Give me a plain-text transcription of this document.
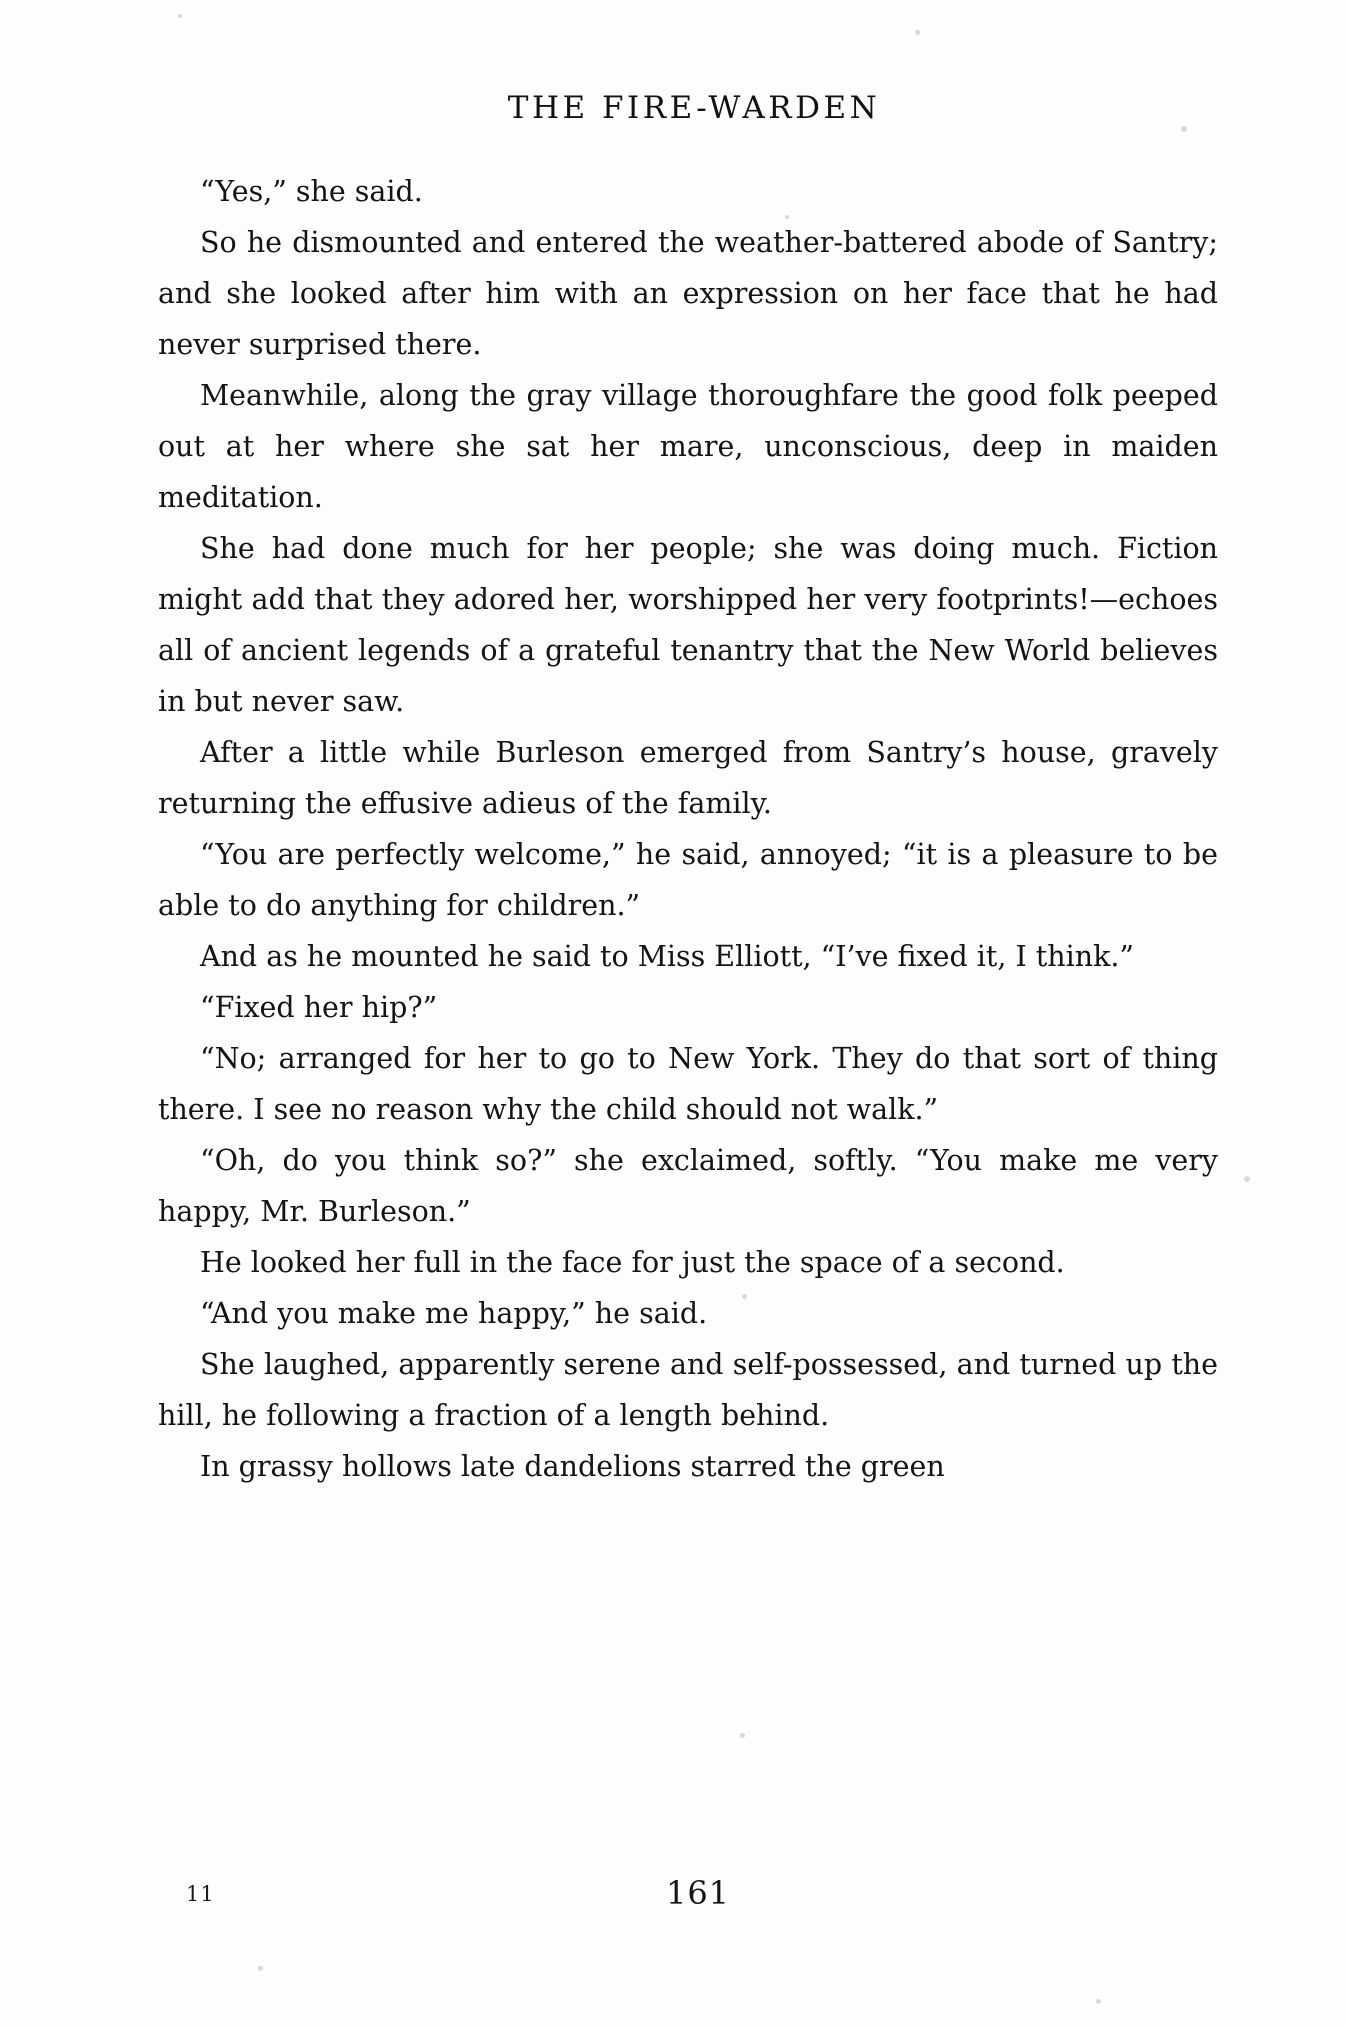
THE FIRE-WARDEN

“Yes,” she said.

So he dismounted and entered the weather-battered abode of Santry; and she looked after him with an expression on her face that he had never surprised there.

Meanwhile, along the gray village thoroughfare the good folk peeped out at her where she sat her mare, unconscious, deep in maiden meditation.

She had done much for her people; she was doing much. Fiction might add that they adored her, worshipped her very footprints!—echoes all of ancient legends of a grateful tenantry that the New World believes in but never saw.

After a little while Burleson emerged from Santry’s house, gravely returning the effusive adieus of the family.

“You are perfectly welcome,” he said, annoyed; “it is a pleasure to be able to do anything for children.”

And as he mounted he said to Miss Elliott, “I’ve fixed it, I think.”

“Fixed her hip?”

“No; arranged for her to go to New York. They do that sort of thing there. I see no reason why the child should not walk.”

“Oh, do you think so?” she exclaimed, softly. “You make me very happy, Mr. Burleson.”

He looked her full in the face for just the space of a second.

“And you make me happy,” he said.

She laughed, apparently serene and self-possessed, and turned up the hill, he following a fraction of a length behind.

In grassy hollows late dandelions starred the green

11	161
